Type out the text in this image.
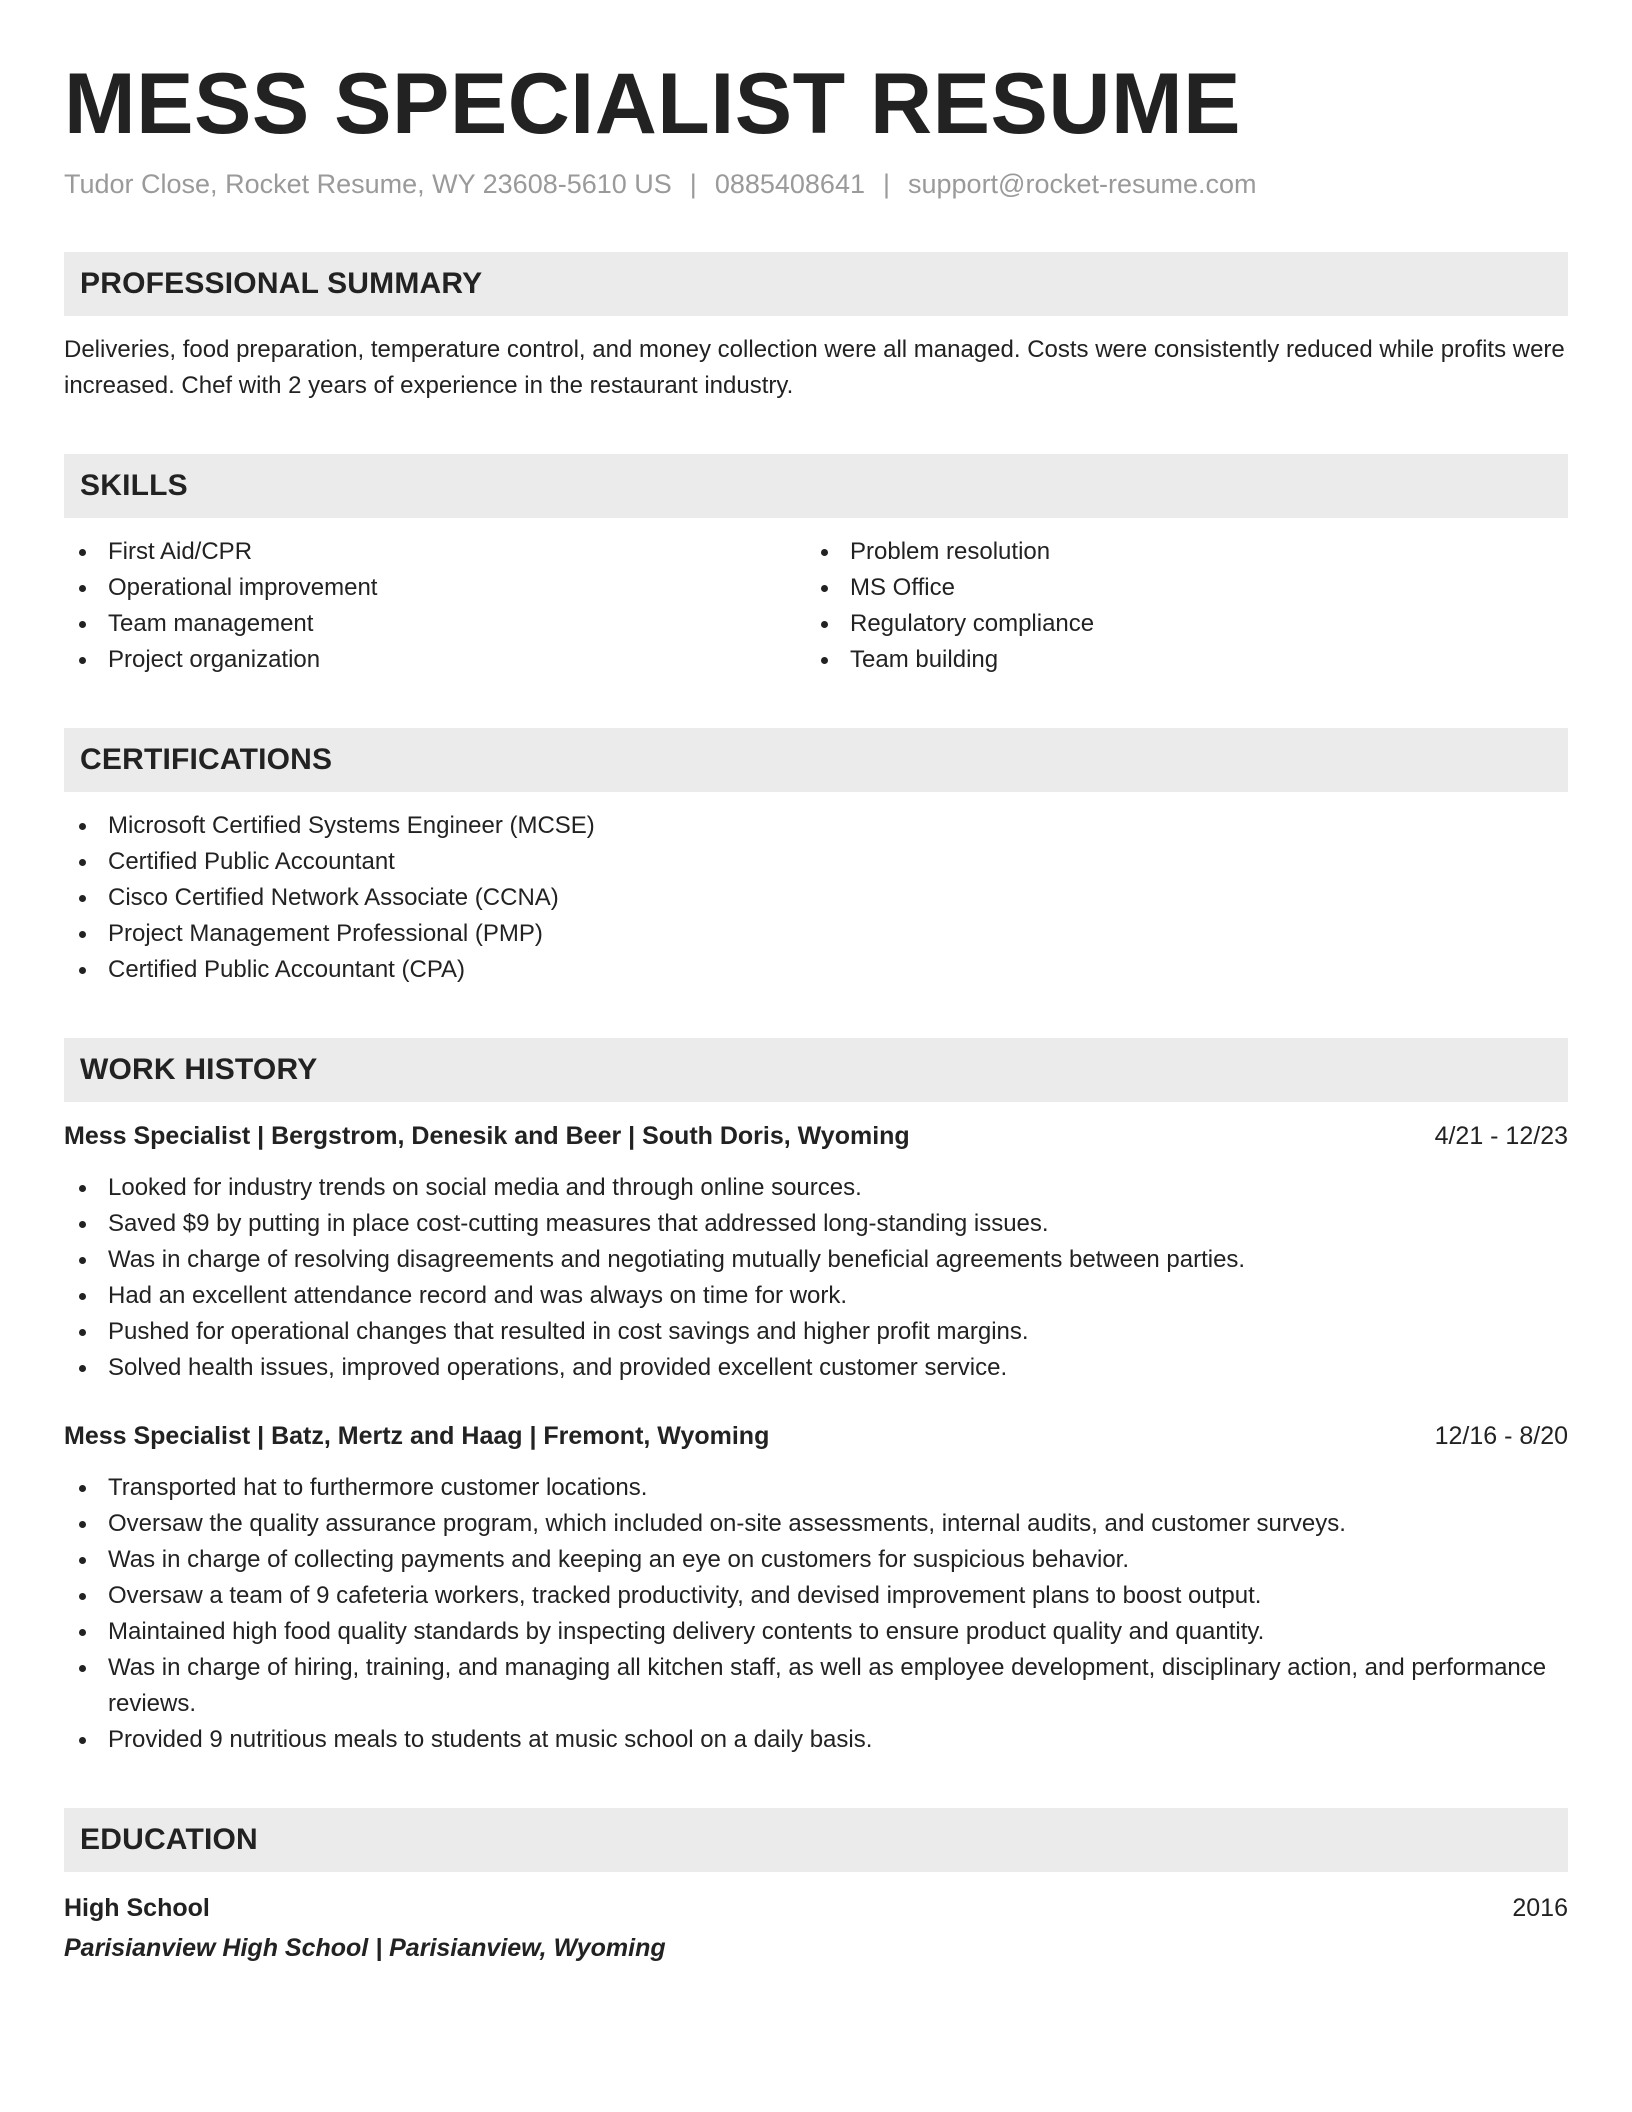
MESS SPECIALIST RESUME
Tudor Close, Rocket Resume, WY 23608-5610 US | 0885408641 | support@rocket-resume.com
PROFESSIONAL SUMMARY
Deliveries, food preparation, temperature control, and money collection were all managed. Costs were consistently reduced while profits were increased. Chef with 2 years of experience in the restaurant industry.
SKILLS
First Aid/CPR
Operational improvement
Team management
Project organization
Problem resolution
MS Office
Regulatory compliance
Team building
CERTIFICATIONS
Microsoft Certified Systems Engineer (MCSE)
Certified Public Accountant
Cisco Certified Network Associate (CCNA)
Project Management Professional (PMP)
Certified Public Accountant (CPA)
WORK HISTORY
Mess Specialist | Bergstrom, Denesik and Beer | South Doris, Wyoming	4/21 - 12/23
Looked for industry trends on social media and through online sources.
Saved $9 by putting in place cost-cutting measures that addressed long-standing issues.
Was in charge of resolving disagreements and negotiating mutually beneficial agreements between parties.
Had an excellent attendance record and was always on time for work.
Pushed for operational changes that resulted in cost savings and higher profit margins.
Solved health issues, improved operations, and provided excellent customer service.
Mess Specialist | Batz, Mertz and Haag | Fremont, Wyoming	12/16 - 8/20
Transported hat to furthermore customer locations.
Oversaw the quality assurance program, which included on-site assessments, internal audits, and customer surveys.
Was in charge of collecting payments and keeping an eye on customers for suspicious behavior.
Oversaw a team of 9 cafeteria workers, tracked productivity, and devised improvement plans to boost output.
Maintained high food quality standards by inspecting delivery contents to ensure product quality and quantity.
Was in charge of hiring, training, and managing all kitchen staff, as well as employee development, disciplinary action, and performance reviews.
Provided 9 nutritious meals to students at music school on a daily basis.
EDUCATION
High School	2016
Parisianview High School | Parisianview, Wyoming
